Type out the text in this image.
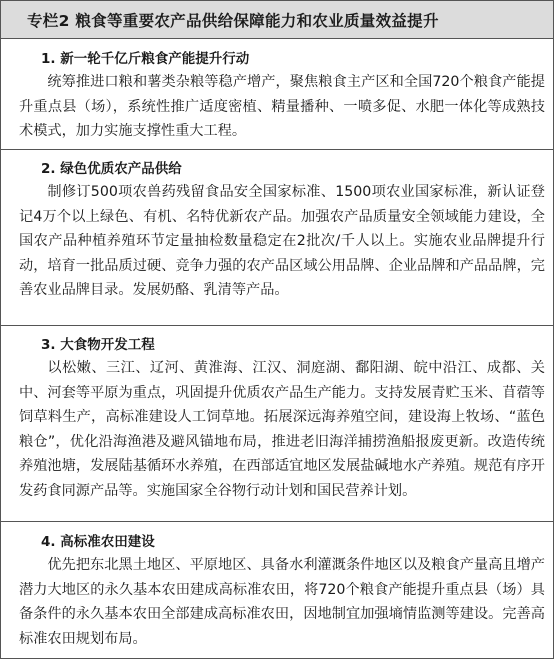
专栏2 粮食等重要农产品供给保障能力和农业质量效益提升
1. 新一轮千亿斤粮食产能提升行动
统筹推进口粮和薯类杂粮等稳产增产，聚焦粮食主产区和全国720个粮食产能提升重点县（场），系统性推广适度密植、精量播种、一喷多促、水肥一体化等成熟技术模式，加力实施支撑性重大工程。
2. 绿色优质农产品供给
制修订500项农兽药残留食品安全国家标准、1500项农业国家标准，新认证登记4万个以上绿色、有机、名特优新农产品。加强农产品质量安全领域能力建设，全国农产品种植养殖环节定量抽检数量稳定在2批次/千人以上。实施农业品牌提升行动，培育一批品质过硬、竞争力强的农产品区域公用品牌、企业品牌和产品品牌，完善农业品牌目录。发展奶酪、乳清等产品。
3. 大食物开发工程
以松嫩、三江、辽河、黄淮海、江汉、洞庭湖、鄱阳湖、皖中沿江、成都、关中、河套等平原为重点，巩固提升优质农产品生产能力。支持发展青贮玉米、苜蓿等饲草料生产，高标准建设人工饲草地。拓展深远海养殖空间，建设海上牧场、“蓝色粮仓”，优化沿海渔港及避风锚地布局，推进老旧海洋捕捞渔船报废更新。改造传统养殖池塘，发展陆基循环水养殖，在西部适宜地区发展盐碱地水产养殖。规范有序开发药食同源产品等。实施国家全谷物行动计划和国民营养计划。
4. 高标准农田建设
优先把东北黑土地区、平原地区、具备水利灌溉条件地区以及粮食产量高且增产潜力大地区的永久基本农田建成高标准农田，将720个粮食产能提升重点县（场）具备条件的永久基本农田全部建成高标准农田，因地制宜加强墒情监测等建设。完善高标准农田规划布局。
